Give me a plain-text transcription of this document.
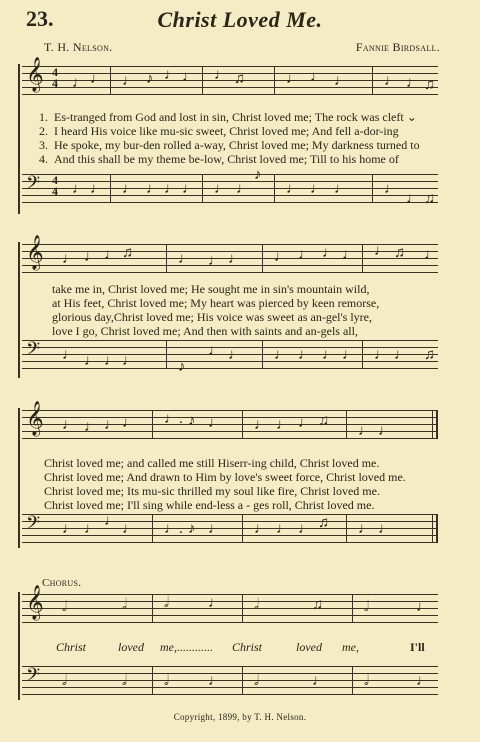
23.	Christ Loved Me.
T. H. Nelson.	Fannie Birdsall.
𝄞 4
4 ♩ ♩ ♩ ♪ ♩ ♩ ♩ ♫	♩ ♩ ♩ ♩ ♩ ♫
1. Es-tranged from God and lost in sin, Christ loved me; The rock was cleft ⌄
2. I heard His voice like mu-sic sweet, Christ loved me; And fell a-dor-ing
3. He spoke, my bur-den rolled a-way, Christ loved me; My darkness turned to
4. And this shall be my theme be-low, Christ loved me; Till to his home of
𝄢 4
4 ♩ ♩ ♩ ♩ ♩ ♩ ♩ ♩
♪
♩ ♩ ♩ ♩
♩ ♫
𝄞 ♩ ♩ ♩ ♫	♩ ♩ ♩ ♩ ♩ ♩ ♩ ♩ ♫ ♩
take me in, Christ loved me; He sought me in sin's mountain wild,
at His feet, Christ loved me; My heart was pierced by keen remorse,
glorious day,Christ loved me; His voice was sweet as an-gel's lyre,
love I go, Christ loved me; And then with saints and an-gels all,
𝄢 ♩ ♩ ♩ ♩	♪
♩ ♩ ♩ ♩ ♩ ♩ ♩ ♩ ♫
𝄞 ♩ ♩ ♩ ♩ ♩. ♪ ♩ ♩ ♩ ♩ ♫
♩ ♩
Christ loved me; and called me still Hiserr-ing child, Christ loved me.
Christ loved me; And drawn to Him by love's sweet force, Christ loved me.
Christ loved me; Its mu-sic thrilled my soul like fire, Christ loved me.
Christ loved me; I'll sing while end-less a - ges roll, Christ loved me.
𝄢 ♩ ♩ ♩ ♩ ♩. ♪ ♩ ♩ ♩ ♩ ♫ ♩ ♩
Chorus.
𝄞 𝅗𝅥	𝅗𝅥 𝅗𝅥	♩ 𝅗𝅥	♫	𝅗𝅥	♩
Christ	loved me,............ Christ	loved me,	I'll
𝄢 𝅗𝅥	𝅗𝅥 𝅗𝅥	♩ 𝅗𝅥	♩ 𝅗𝅥	♩
Copyright, 1899, by T. H. Nelson.
